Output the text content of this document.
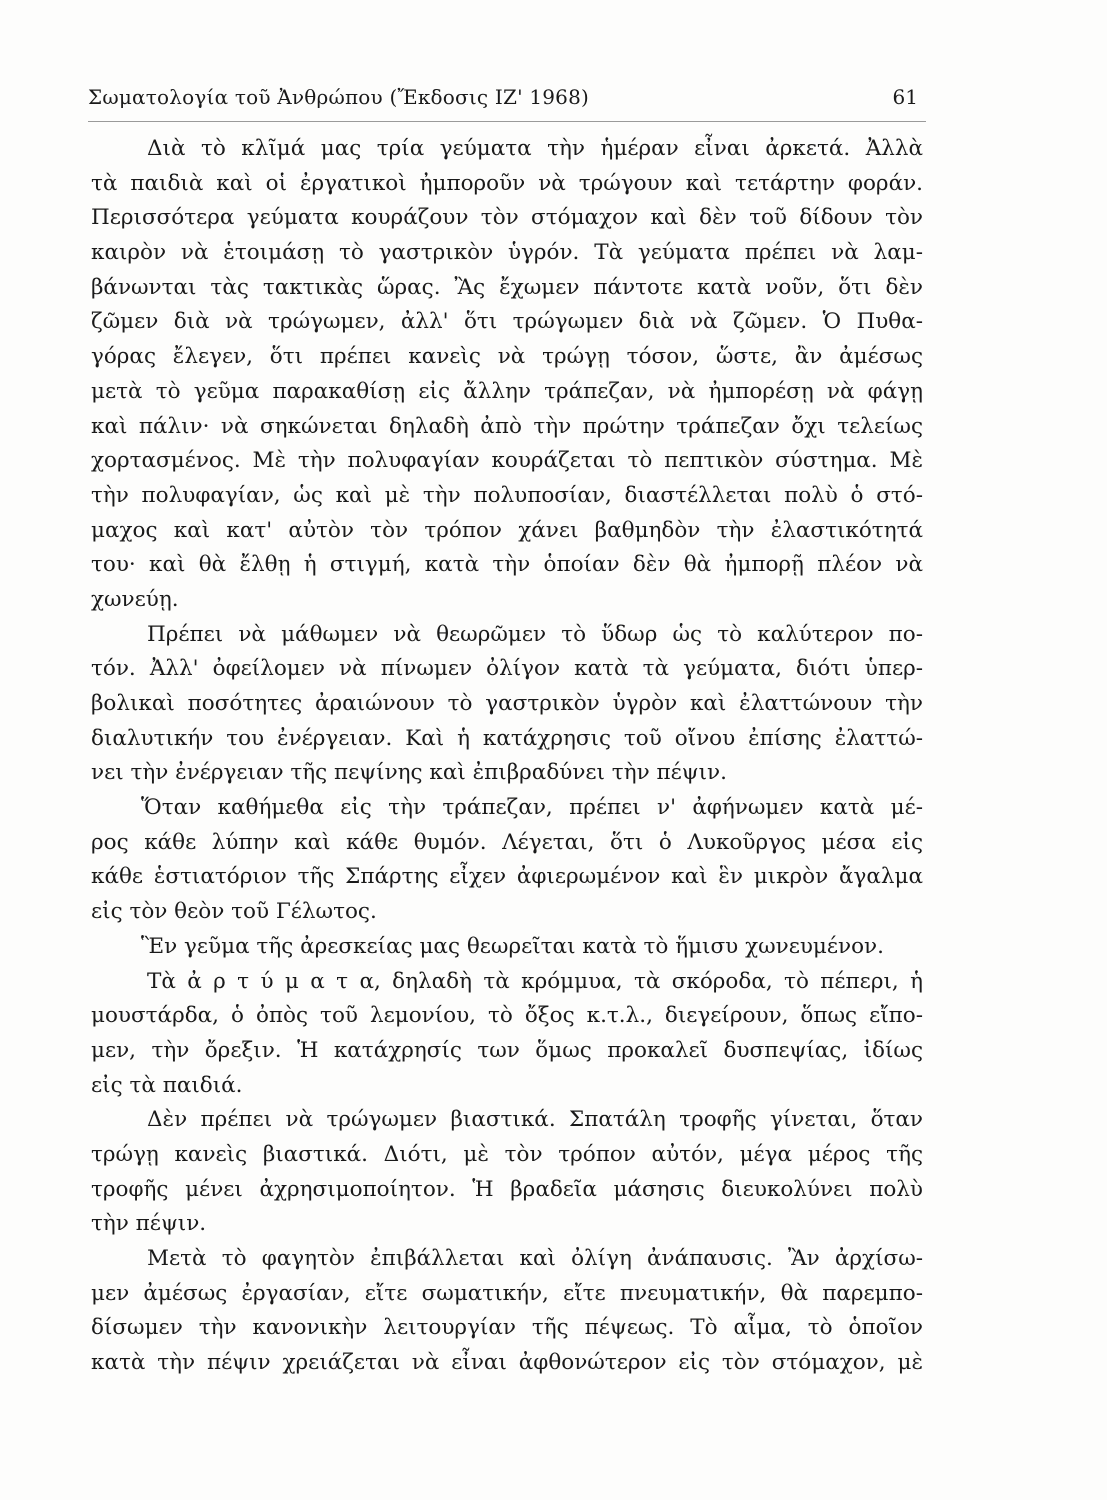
Σωματολογία τοῦ Ἀνθρώπου (Ἔκδοσις ΙΖ' 1968)	61
Διὰ τὸ κλῖμά μας τρία γεύματα τὴν ἡμέραν εἶναι ἀρκετά. Ἀλλὰ
τὰ παιδιὰ καὶ οἱ ἐργατικοὶ ἠμποροῦν νὰ τρώγουν καὶ τετάρτην φοράν.
Περισσότερα γεύματα κουράζουν τὸν στόμαχον καὶ δὲν τοῦ δίδουν τὸν
καιρὸν νὰ ἑτοιμάσῃ τὸ γαστρικὸν ὑγρόν. Τὰ γεύματα πρέπει νὰ λαμ-
βάνωνται τὰς τακτικὰς ὥρας. Ἂς ἔχωμεν πάντοτε κατὰ νοῦν, ὅτι δὲν
ζῶμεν διὰ νὰ τρώγωμεν, ἀλλ' ὅτι τρώγωμεν διὰ νὰ ζῶμεν. Ὁ Πυθα-
γόρας ἔλεγεν, ὅτι πρέπει κανεὶς νὰ τρώγῃ τόσον, ὥστε, ἂν ἀμέσως
μετὰ τὸ γεῦμα παρακαθίσῃ εἰς ἄλλην τράπεζαν, νὰ ἠμπορέσῃ νὰ φάγῃ
καὶ πάλιν· νὰ σηκώνεται δηλαδὴ ἀπὸ τὴν πρώτην τράπεζαν ὄχι τελείως
χορτασμένος. Μὲ τὴν πολυφαγίαν κουράζεται τὸ πεπτικὸν σύστημα. Μὲ
τὴν πολυφαγίαν, ὡς καὶ μὲ τὴν πολυποσίαν, διαστέλλεται πολὺ ὁ στό-
μαχος καὶ κατ' αὐτὸν τὸν τρόπον χάνει βαθμηδὸν τὴν ἐλαστικότητά
του· καὶ θὰ ἔλθῃ ἡ στιγμή, κατὰ τὴν ὁποίαν δὲν θὰ ἠμπορῇ πλέον νὰ
χωνεύῃ.
Πρέπει νὰ μάθωμεν νὰ θεωρῶμεν τὸ ὕδωρ ὡς τὸ καλύτερον πο-
τόν. Ἀλλ' ὀφείλομεν νὰ πίνωμεν ὀλίγον κατὰ τὰ γεύματα, διότι ὑπερ-
βολικαὶ ποσότητες ἀραιώνουν τὸ γαστρικὸν ὑγρὸν καὶ ἐλαττώνουν τὴν
διαλυτικήν του ἐνέργειαν. Καὶ ἡ κατάχρησις τοῦ οἴνου ἐπίσης ἐλαττώ-
νει τὴν ἐνέργειαν τῆς πεψίνης καὶ ἐπιβραδύνει τὴν πέψιν.
Ὅταν καθήμεθα εἰς τὴν τράπεζαν, πρέπει ν' ἀφήνωμεν κατὰ μέ-
ρος κάθε λύπην καὶ κάθε θυμόν. Λέγεται, ὅτι ὁ Λυκοῦργος μέσα εἰς
κάθε ἑστιατόριον τῆς Σπάρτης εἶχεν ἀφιερωμένον καὶ ἓν μικρὸν ἄγαλμα
εἰς τὸν θεὸν τοῦ Γέλωτος.
Ἓν γεῦμα τῆς ἀρεσκείας μας θεωρεῖται κατὰ τὸ ἥμισυ χωνευμένον.
Τὰ ἀ ρ τ ύ μ α τ α, δηλαδὴ τὰ κρόμμυα, τὰ σκόροδα, τὸ πέπερι, ἡ
μουστάρδα, ὁ ὀπὸς τοῦ λεμονίου, τὸ ὄξος κ.τ.λ., διεγείρουν, ὅπως εἴπο-
μεν, τὴν ὄρεξιν. Ἡ κατάχρησίς των ὅμως προκαλεῖ δυσπεψίας, ἰδίως
εἰς τὰ παιδιά.
Δὲν πρέπει νὰ τρώγωμεν βιαστικά. Σπατάλη τροφῆς γίνεται, ὅταν
τρώγῃ κανεὶς βιαστικά. Διότι, μὲ τὸν τρόπον αὐτόν, μέγα μέρος τῆς
τροφῆς μένει ἀχρησιμοποίητον. Ἡ βραδεῖα μάσησις διευκολύνει πολὺ
τὴν πέψιν.
Μετὰ τὸ φαγητὸν ἐπιβάλλεται καὶ ὀλίγη ἀνάπαυσις. Ἂν ἀρχίσω-
μεν ἀμέσως ἐργασίαν, εἴτε σωματικήν, εἴτε πνευματικήν, θὰ παρεμπο-
δίσωμεν τὴν κανονικὴν λειτουργίαν τῆς πέψεως. Τὸ αἷμα, τὸ ὁποῖον
κατὰ τὴν πέψιν χρειάζεται νὰ εἶναι ἀφθονώτερον εἰς τὸν στόμαχον, μὲ
